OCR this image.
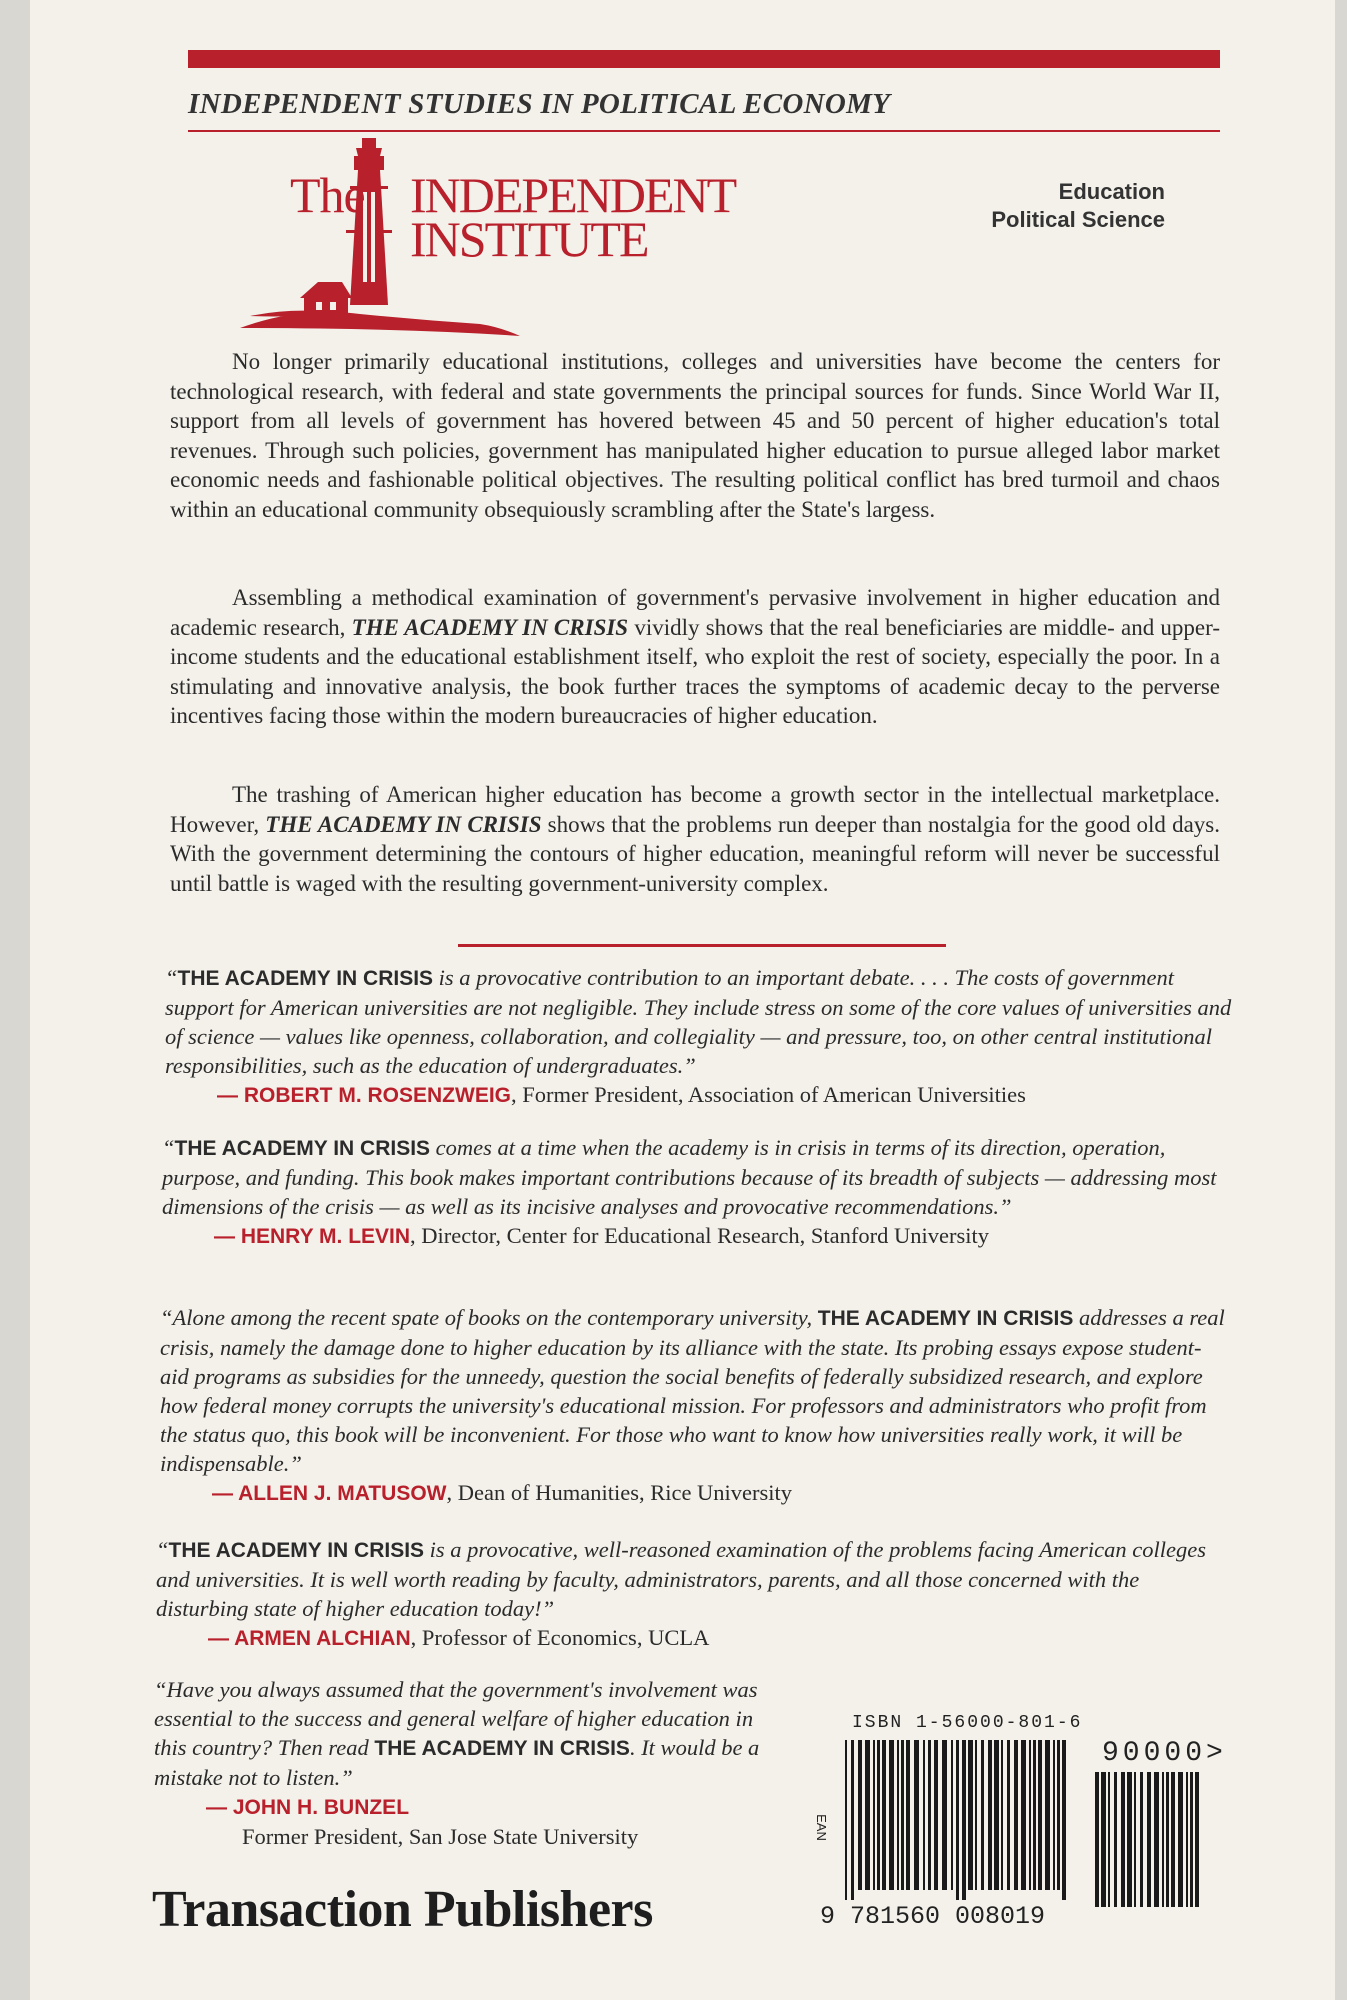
INDEPENDENT STUDIES IN POLITICAL ECONOMY
The INDEPENDENT
INSTITUTE
Education
Political Science

No longer primarily educational institutions, colleges and universities have become the centers for technological research, with federal and state governments the principal sources for funds. Since World War II, support from all levels of government has hovered between 45 and 50 percent of higher education's total revenues. Through such policies, government has manipulated higher education to pursue alleged labor market economic needs and fashionable political objectives. The resulting political conflict has bred turmoil and chaos within an educational community obsequiously scrambling after the State's largess.

Assembling a methodical examination of government's pervasive involvement in higher education and academic research, THE ACADEMY IN CRISIS vividly shows that the real beneficiaries are middle- and upper-income students and the educational establishment itself, who exploit the rest of society, especially the poor. In a stimulating and innovative analysis, the book further traces the symptoms of academic decay to the perverse incentives facing those within the modern bureaucracies of higher education.

The trashing of American higher education has become a growth sector in the intellectual marketplace. However, THE ACADEMY IN CRISIS shows that the problems run deeper than nostalgia for the good old days. With the government determining the contours of higher education, meaningful reform will never be successful until battle is waged with the resulting government-university complex.

“THE ACADEMY IN CRISIS is a provocative contribution to an important debate. . . . The costs of government support for American universities are not negligible. They include stress on some of the core values of universities and of science — values like openness, collaboration, and collegiality — and pressure, too, on other central institutional responsibilities, such as the education of undergraduates.”
— ROBERT M. ROSENZWEIG, Former President, Association of American Universities
“THE ACADEMY IN CRISIS comes at a time when the academy is in crisis in terms of its direction, operation, purpose, and funding. This book makes important contributions because of its breadth of subjects — addressing most dimensions of the crisis — as well as its incisive analyses and provocative recommendations.”
— HENRY M. LEVIN, Director, Center for Educational Research, Stanford University
“Alone among the recent spate of books on the contemporary university, THE ACADEMY IN CRISIS addresses a real crisis, namely the damage done to higher education by its alliance with the state. Its probing essays expose student-aid programs as subsidies for the unneedy, question the social benefits of federally subsidized research, and explore how federal money corrupts the university's educational mission. For professors and administrators who profit from the status quo, this book will be inconvenient. For those who want to know how universities really work, it will be indispensable.”
— ALLEN J. MATUSOW, Dean of Humanities, Rice University
“THE ACADEMY IN CRISIS is a provocative, well-reasoned examination of the problems facing American colleges and universities. It is well worth reading by faculty, administrators, parents, and all those concerned with the disturbing state of higher education today!”
— ARMEN ALCHIAN, Professor of Economics, UCLA
“Have you always assumed that the government's involvement was essential to the success and general welfare of higher education in this country? Then read THE ACADEMY IN CRISIS. It would be a mistake not to listen.”
— JOHN H. BUNZEL
Former President, San Jose State University
Transaction Publishers
ISBN 1-56000-801-6
90000>
EAN
9 781560 008019
